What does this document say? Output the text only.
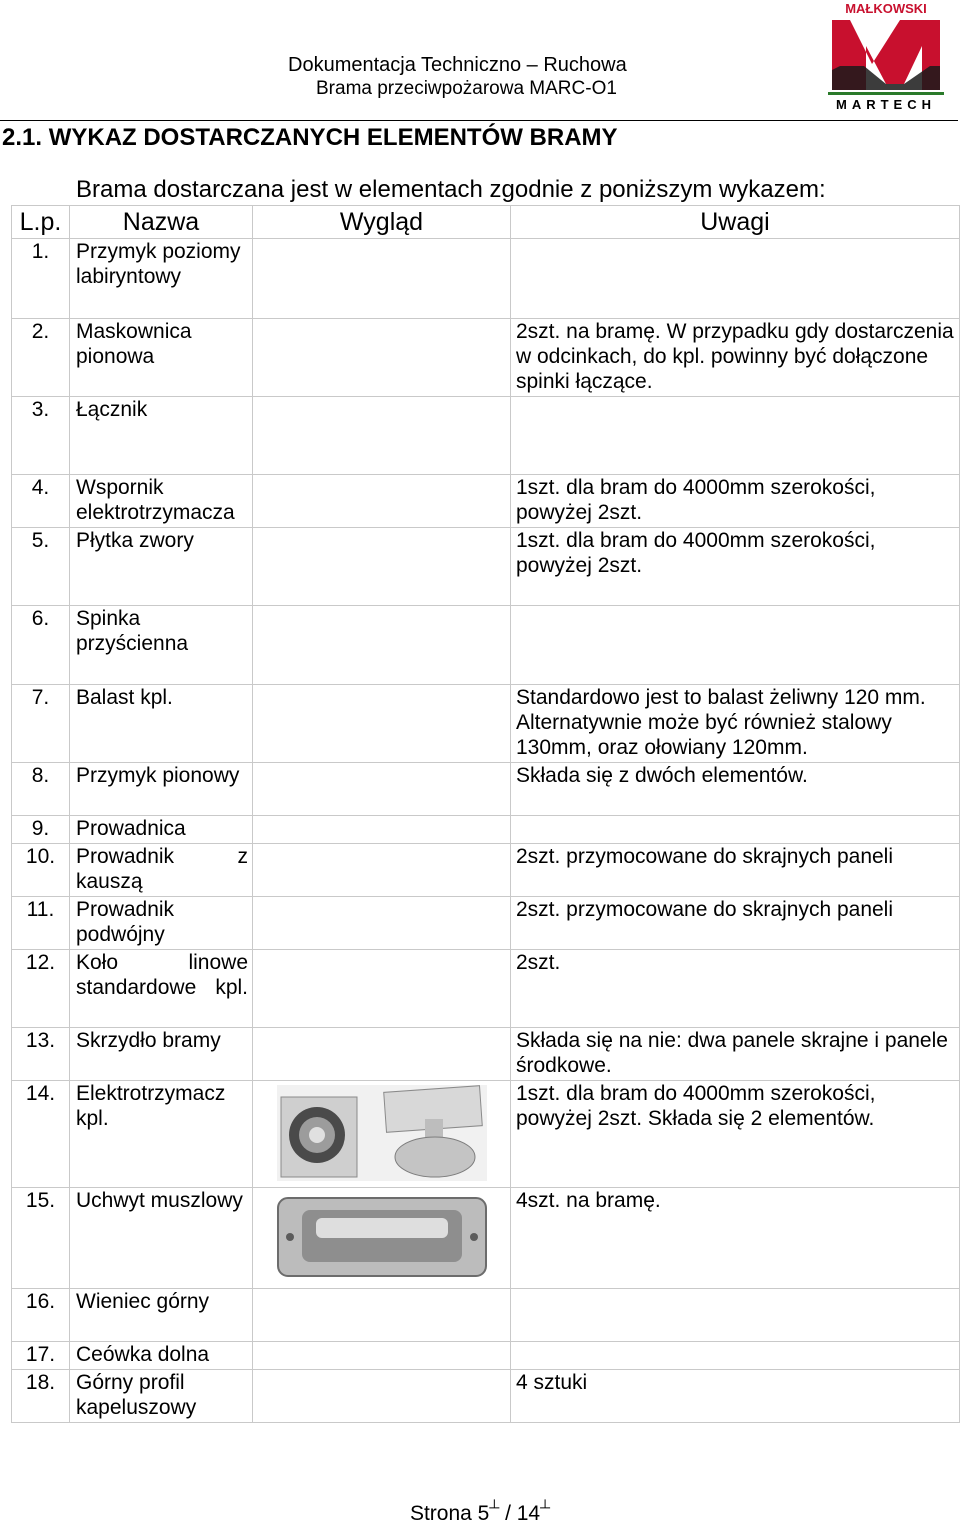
Dokumentacja Techniczno – Ruchowa
Brama przeciwpożarowa MARC-O1
MAŁKOWSKI
MARTECH
2.1. WYKAZ DOSTARCZANYCH ELEMENTÓW BRAMY
Brama dostarczana jest w elementach zgodnie z poniższym wykazem:
L.p.	Nazwa	Wygląd	Uwagi
1.	Przymyk poziomy labiryntowy		
2.	Maskownica pionowa		2szt. na bramę. W przypadku gdy dostarczenia w odcinkach, do kpl. powinny być dołączone spinki łączące.
3.	Łącznik		
4.	Wspornik elektrotrzymacza		1szt. dla bram do 4000mm szerokości, powyżej 2szt.
5.	Płytka zwory		1szt. dla bram do 4000mm szerokości, powyżej 2szt.
6.	Spinka przyścienna		
7.	Balast kpl.		Standardowo jest to balast żeliwny 120 mm. Alternatywnie może być również stalowy 130mm, oraz ołowiany 120mm.
8.	Przymyk pionowy		Składa się z dwóch elementów.
9.	Prowadnica		
10.	Prowadnik z kauszą		2szt. przymocowane do skrajnych paneli
11.	Prowadnik podwójny		2szt. przymocowane do skrajnych paneli
12.	Koło linowe standardowe kpl.		2szt.
13.	Skrzydło bramy		Składa się na nie: dwa panele skrajne i panele środkowe.
14.	Elektrotrzymacz kpl.		1szt. dla bram do 4000mm szerokości, powyżej 2szt. Składa się 2 elementów.
15.	Uchwyt muszlowy		4szt. na bramę.
16.	Wieniec górny		
17.	Ceówka dolna		
18.	Górny profil kapeluszowy		4 sztuki
Strona 5┴ / 14┴
